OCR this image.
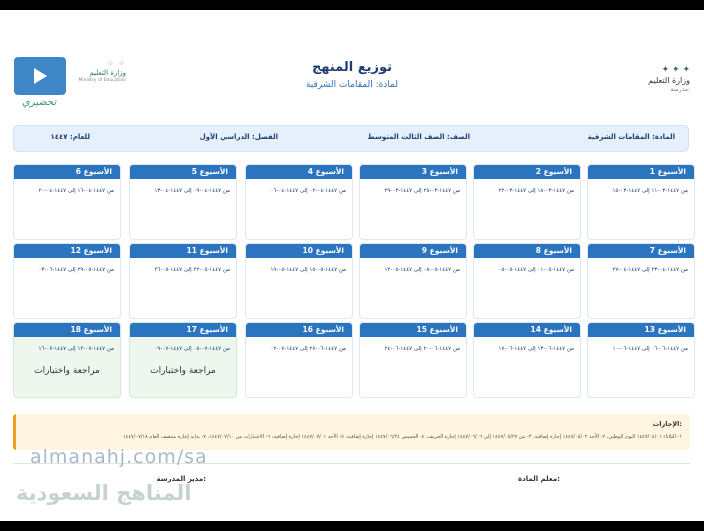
تحضيري
⁘ ⁘
وزارة التعليم
Ministry of Education
توزيع المنهج
لمادة: المقامات الشرقية
✦ ✦ ✦
وزارة التعليم
مدرسة:
المادة: المقامات الشرقية
الصف: الصف الثالث المتوسط
الفصل: الدراسي الأول
للعام: ١٤٤٧
الأسبوع 1
من ١٤٤٧-٠٣-١١ إلى ١٤٤٧-٠٣-١٥
الأسبوع 2
من ١٤٤٧-٠٣-١٨ إلى ١٤٤٧-٠٣-٢٢
الأسبوع 3
من ١٤٤٧-٠٣-٢٥ إلى ١٤٤٧-٠٣-٢٩
الأسبوع 4
من ١٤٤٧-٠٤-٠٢ إلى ١٤٤٧-٠٤-٠٦
الأسبوع 5
من ١٤٤٧-٠٤-٠٩ إلى ١٤٤٧-٠٤-١٣
الأسبوع 6
من ١٤٤٧-٠٤-١٦ إلى ١٤٤٧-٠٤-٢٠
الأسبوع 7
من ١٤٤٧-٠٤-٢٣ إلى ١٤٤٧-٠٤-٢٧
الأسبوع 8
من ١٤٤٧-٠٥-٠١ إلى ١٤٤٧-٠٥-٠٥
الأسبوع 9
من ١٤٤٧-٠٥-٠٨ إلى ١٤٤٧-٠٥-١٢
الأسبوع 10
من ١٤٤٧-٠٥-١٥ إلى ١٤٤٧-٠٥-١٩
الأسبوع 11
من ١٤٤٧-٠٥-٢٢ إلى ١٤٤٧-٠٥-٢٦
الأسبوع 12
من ١٤٤٧-٠٥-٢٩ إلى ١٤٤٧-٠٦-٠٣
الأسبوع 13
من ١٤٤٧-٠٦-٠٦ إلى ١٤٤٧-٠٦-١٠
الأسبوع 14
من ١٤٤٧-٠٦-١٣ إلى ١٤٤٧-٠٦-١٧
الأسبوع 15
من ١٤٤٧-٠٦-٢٠ إلى ١٤٤٧-٠٦-٢٤
الأسبوع 16
من ١٤٤٧-٠٦-٢٧ إلى ١٤٤٧-٠٧-٠٢
الأسبوع 17
من ١٤٤٧-٠٧-٠٥ إلى ١٤٤٧-٠٧-٠٩
مراجعة واختبارات
الأسبوع 18
من ١٤٤٧-٠٧-١٢ إلى ١٤٤٧-٠٧-١٦
مراجعة واختبارات
الإجازات:
١- الثلاثاء ١٤٤٧/٠٤/٠١ اليوم الوطني، ٢- الأحد ١٤٤٧/٠٥/٠٢ إجازة إضافية، ٣- من ١٤٤٧/٠٥/٢٧ إلى ١٤٤٧/٠٦/٠٦ إجازة الخريف، ٤- الخميس ١٤٤٧/٠٦/٢٤ إجازة إضافية، ٥- الأحد ١٤٤٧/٠٧/٠١ إجازة إضافية، ٦- الاختبارات من ١٤٤٧/٠٧/١٠، ٧- بداية إجازة منتصف العام ١٤٤٧/٠٧/١٨
معلم المادة:
مدير المدرسة:
almanahj.com/sa
المناهج السعودية
